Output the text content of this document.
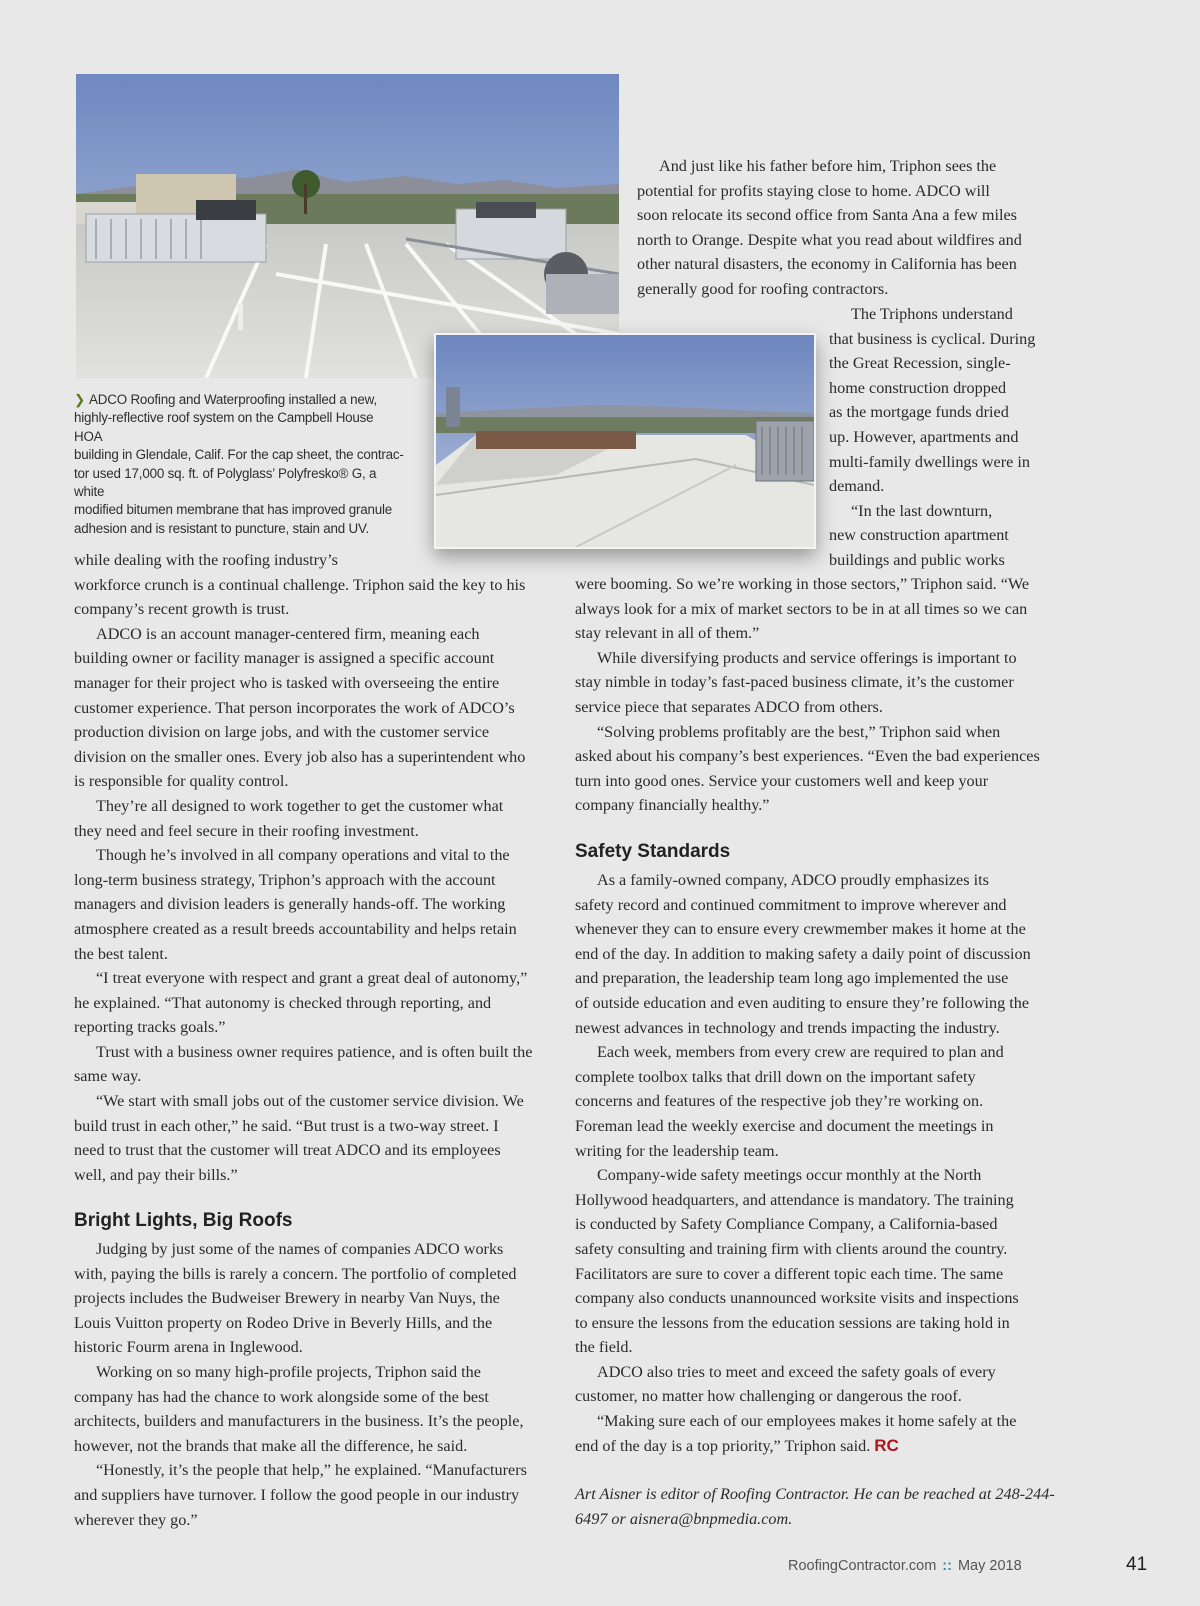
❯ ADCO Roofing and Waterproofing installed a new,
highly-reflective roof system on the Campbell House HOA
building in Glendale, Calif. For the cap sheet, the contrac-
tor used 17,000 sq. ft. of Polyglass’ Polyfresko® G, a white
modified bitumen membrane that has improved granule
adhesion and is resistant to puncture, stain and UV.

And just like his father before him, Triphon sees the

potential for profits staying close to home. ADCO will

soon relocate its second office from Santa Ana a few miles

north to Orange. Despite what you read about wildfires and

other natural disasters, the economy in California has been

generally good for roofing contractors.

The Triphons understand

that business is cyclical. During

the Great Recession, single-

home construction dropped

as the mortgage funds dried

up. However, apartments and

multi-family dwellings were in

demand.

“In the last downturn,

new construction apartment

buildings and public works

while dealing with the roofing industry’s

workforce crunch is a continual challenge. Triphon said the key to his

company’s recent growth is trust.

ADCO is an account manager-centered firm, meaning each

building owner or facility manager is assigned a specific account

manager for their project who is tasked with overseeing the entire

customer experience. That person incorporates the work of ADCO’s

production division on large jobs, and with the customer service

division on the smaller ones. Every job also has a superintendent who

is responsible for quality control.

They’re all designed to work together to get the customer what

they need and feel secure in their roofing investment.

Though he’s involved in all company operations and vital to the

long-term business strategy, Triphon’s approach with the account

managers and division leaders is generally hands-off. The working

atmosphere created as a result breeds accountability and helps retain

the best talent.

“I treat everyone with respect and grant a great deal of autonomy,”

he explained. “That autonomy is checked through reporting, and

reporting tracks goals.”

Trust with a business owner requires patience, and is often built the

same way.

“We start with small jobs out of the customer service division. We

build trust in each other,” he said. “But trust is a two-way street. I

need to trust that the customer will treat ADCO and its employees

well, and pay their bills.”

Bright Lights, Big Roofs

Judging by just some of the names of companies ADCO works

with, paying the bills is rarely a concern. The portfolio of completed

projects includes the Budweiser Brewery in nearby Van Nuys, the

Louis Vuitton property on Rodeo Drive in Beverly Hills, and the

historic Fourm arena in Inglewood.

Working on so many high-profile projects, Triphon said the

company has had the chance to work alongside some of the best

architects, builders and manufacturers in the business. It’s the people,

however, not the brands that make all the difference, he said.

“Honestly, it’s the people that help,” he explained. “Manufacturers

and suppliers have turnover. I follow the good people in our industry

wherever they go.”

were booming. So we’re working in those sectors,” Triphon said. “We

always look for a mix of market sectors to be in at all times so we can

stay relevant in all of them.”

While diversifying products and service offerings is important to

stay nimble in today’s fast-paced business climate, it’s the customer

service piece that separates ADCO from others.

“Solving problems profitably are the best,” Triphon said when

asked about his company’s best experiences. “Even the bad experiences

turn into good ones. Service your customers well and keep your

company financially healthy.”

Safety Standards

As a family-owned company, ADCO proudly emphasizes its

safety record and continued commitment to improve wherever and

whenever they can to ensure every crewmember makes it home at the

end of the day. In addition to making safety a daily point of discussion

and preparation, the leadership team long ago implemented the use

of outside education and even auditing to ensure they’re following the

newest advances in technology and trends impacting the industry.

Each week, members from every crew are required to plan and

complete toolbox talks that drill down on the important safety

concerns and features of the respective job they’re working on.

Foreman lead the weekly exercise and document the meetings in

writing for the leadership team.

Company-wide safety meetings occur monthly at the North

Hollywood headquarters, and attendance is mandatory. The training

is conducted by Safety Compliance Company, a California-based

safety consulting and training firm with clients around the country.

Facilitators are sure to cover a different topic each time. The same

company also conducts unannounced worksite visits and inspections

to ensure the lessons from the education sessions are taking hold in

the field.

ADCO also tries to meet and exceed the safety goals of every

customer, no matter how challenging or dangerous the roof.

“Making sure each of our employees makes it home safely at the

end of the day is a top priority,” Triphon said. RC

Art Aisner is editor of Roofing Contractor. He can be reached at 248-244-
6497 or aisnera@bnpmedia.com.
RoofingContractor.com :: May 2018	41
